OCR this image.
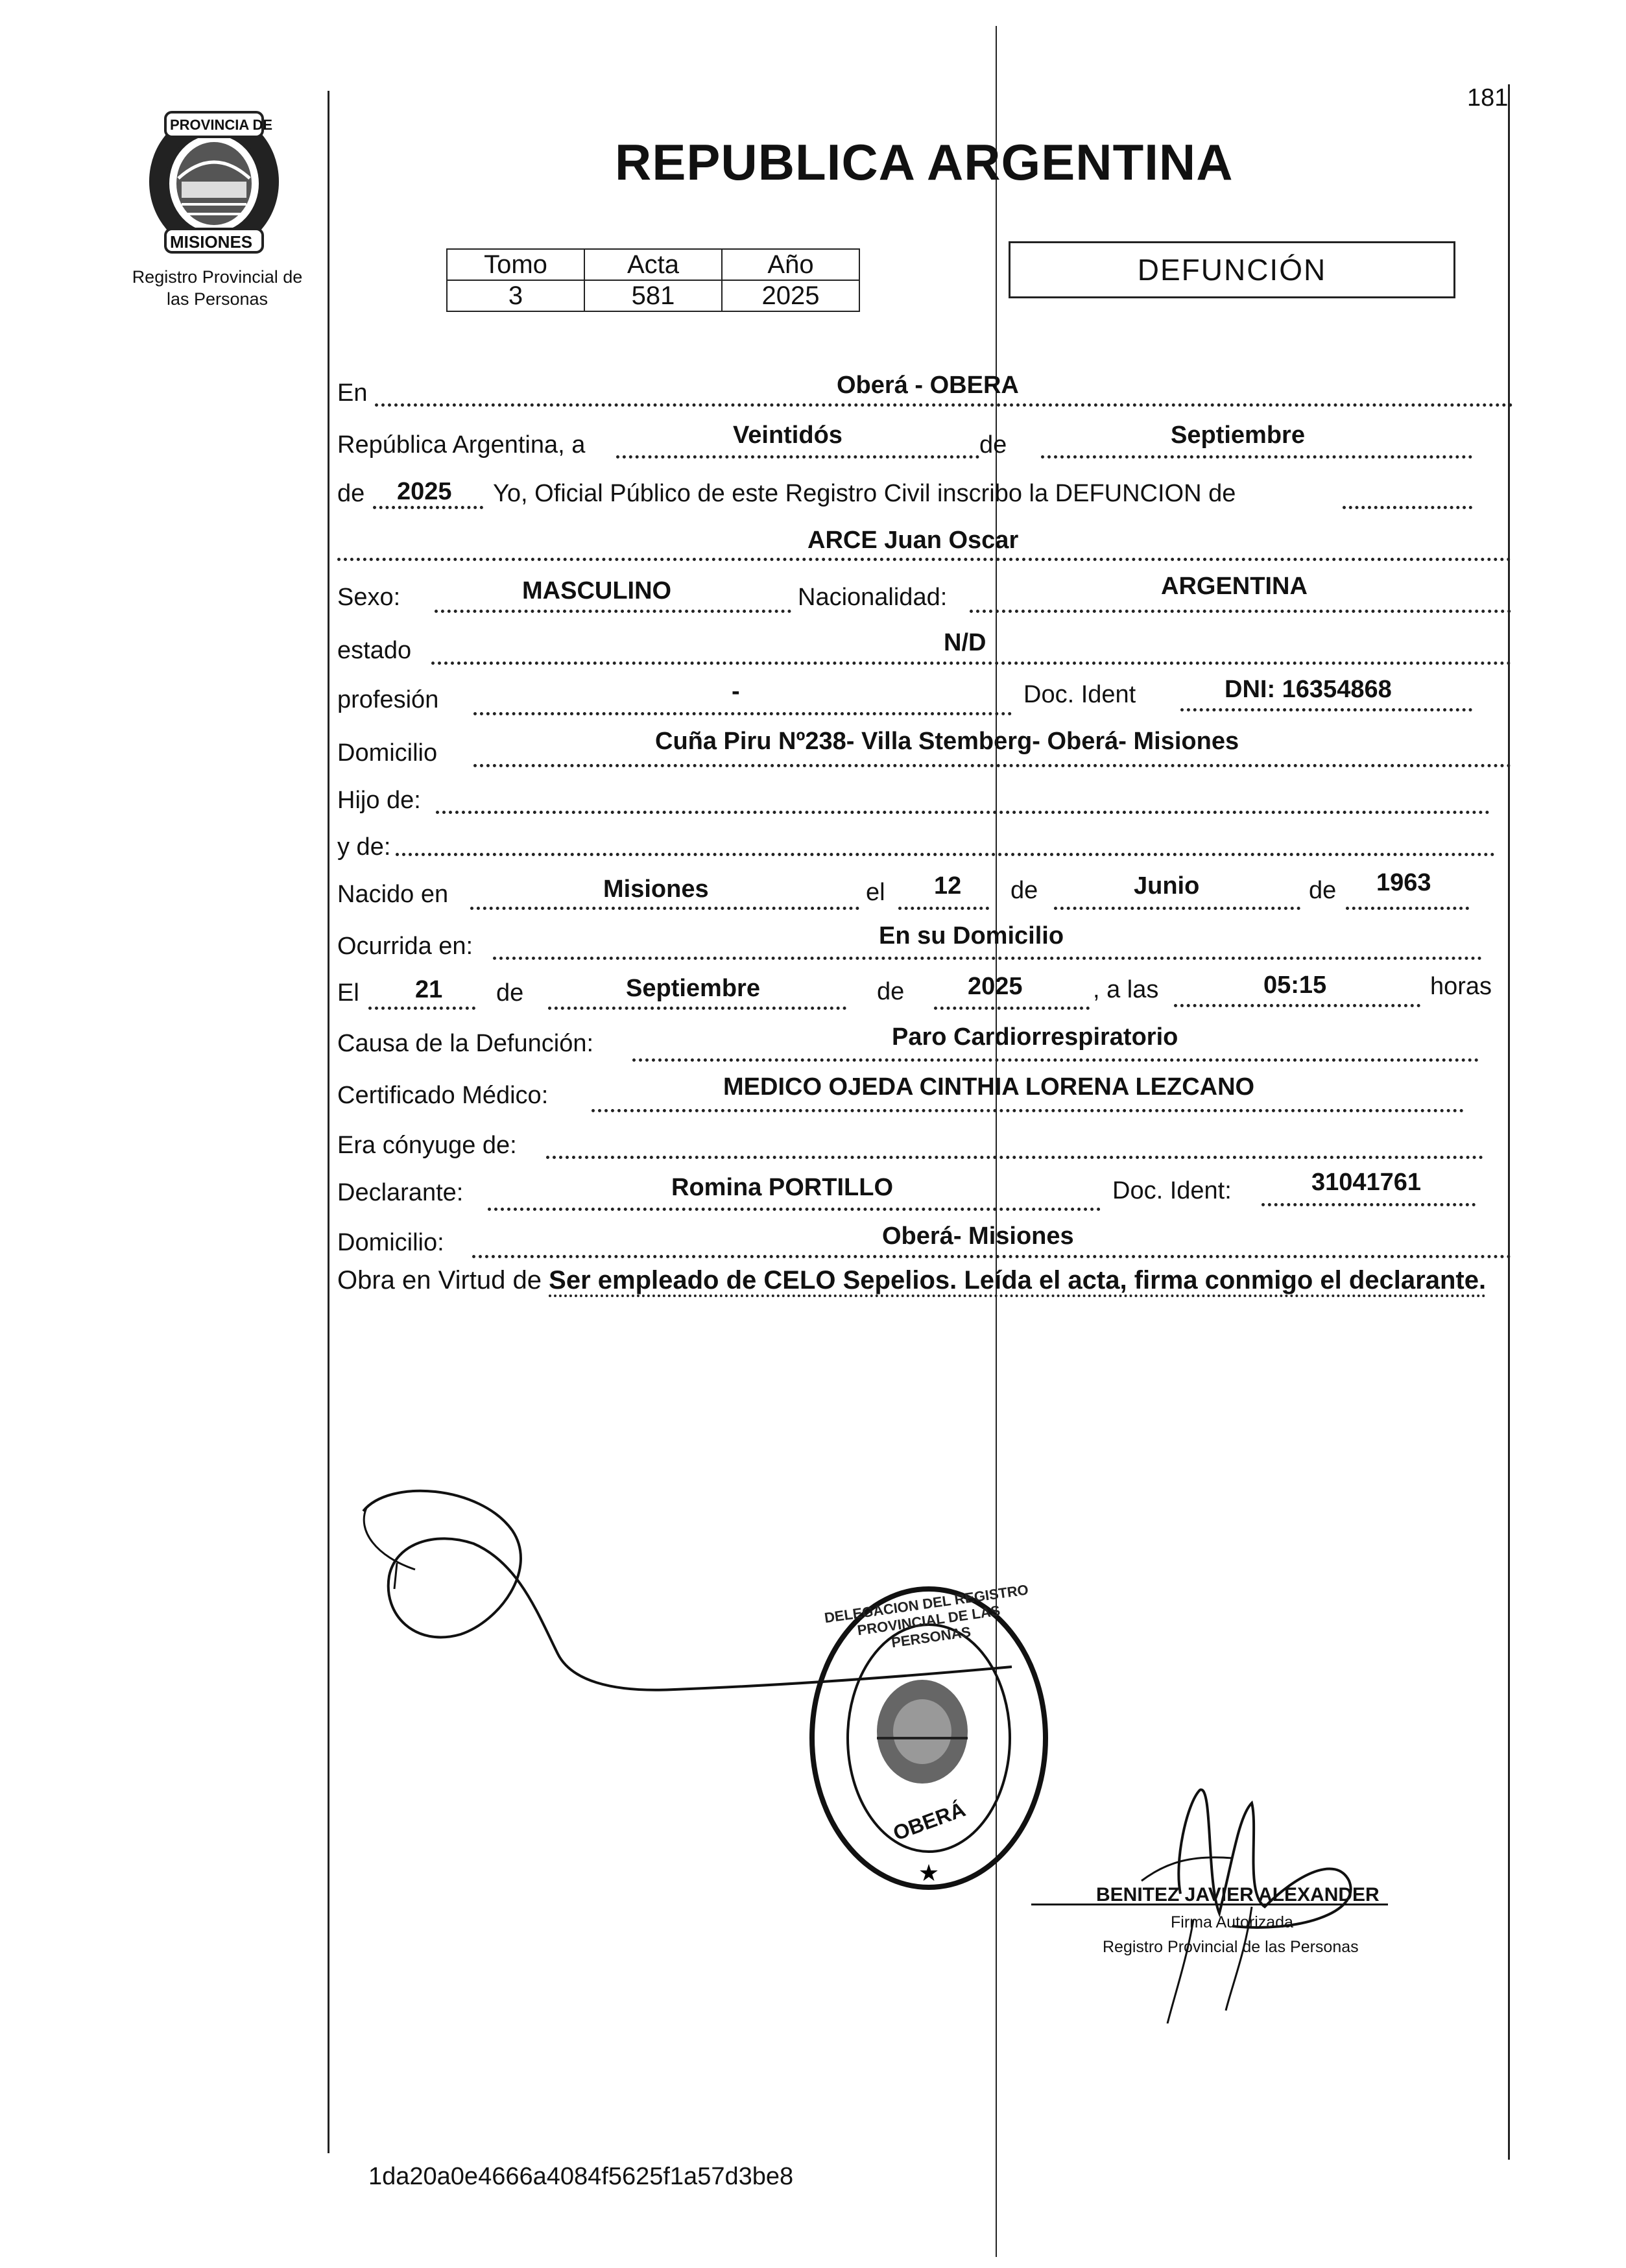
181
PROVINCIA DE
MISIONES
Registro Provincial de
las Personas
REPUBLICA ARGENTINA
Tomo	Acta	Año
3	581	2025
DEFUNCIÓN
En	Oberá - OBERA
República Argentina, a	Veintidós	de	Septiembre
de 2025 Yo, Oficial Público de este Registro Civil inscribo la DEFUNCION de
ARCE Juan Oscar
Sexo:	MASCULINO	Nacionalidad:	ARGENTINA
estado	N/D
profesión	-	Doc. Ident	DNI: 16354868
Domicilio	Cuña Piru Nº238- Villa Stemberg- Oberá- Misiones
Hijo de:
y de:
Nacido en	Misiones	el 12 de	Junio	de 1963
Ocurrida en:	En su Domicilio
El 21 de	Septiembre	de	2025	, a las	05:15	horas
Causa de la Defunción:	Paro Cardiorrespiratorio
Certificado Médico:	MEDICO OJEDA CINTHIA LORENA LEZCANO
Era cónyuge de:
Declarante:	Romina PORTILLO	Doc. Ident:	31041761
Domicilio:	Oberá- Misiones
Obra en Virtud de Ser empleado de CELO Sepelios. Leída el acta, firma conmigo el declarante.
★
DELEGACION DEL REGISTRO PROVINCIAL DE LAS PERSONAS
OBERÁ
BENITEZ JAVIER ALEXANDER
Firma Autorizada
Registro Provincial de las Personas
1da20a0e4666a4084f5625f1a57d3be8
